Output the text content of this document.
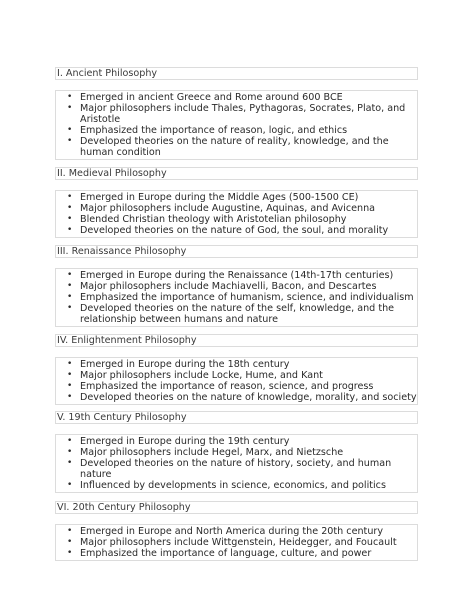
I. Ancient Philosophy
• Emerged in ancient Greece and Rome around 600 BCE
• Major philosophers include Thales, Pythagoras, Socrates, Plato, and Aristotle
• Emphasized the importance of reason, logic, and ethics
• Developed theories on the nature of reality, knowledge, and the human condition
II. Medieval Philosophy
• Emerged in Europe during the Middle Ages (500-1500 CE)
• Major philosophers include Augustine, Aquinas, and Avicenna
• Blended Christian theology with Aristotelian philosophy
• Developed theories on the nature of God, the soul, and morality
III. Renaissance Philosophy
• Emerged in Europe during the Renaissance (14th-17th centuries)
• Major philosophers include Machiavelli, Bacon, and Descartes
• Emphasized the importance of humanism, science, and individualism
• Developed theories on the nature of the self, knowledge, and the relationship between humans and nature
IV. Enlightenment Philosophy
• Emerged in Europe during the 18th century
• Major philosophers include Locke, Hume, and Kant
• Emphasized the importance of reason, science, and progress
• Developed theories on the nature of knowledge, morality, and society
V. 19th Century Philosophy
• Emerged in Europe during the 19th century
• Major philosophers include Hegel, Marx, and Nietzsche
• Developed theories on the nature of history, society, and human nature
• Influenced by developments in science, economics, and politics
VI. 20th Century Philosophy
• Emerged in Europe and North America during the 20th century
• Major philosophers include Wittgenstein, Heidegger, and Foucault
• Emphasized the importance of language, culture, and power
